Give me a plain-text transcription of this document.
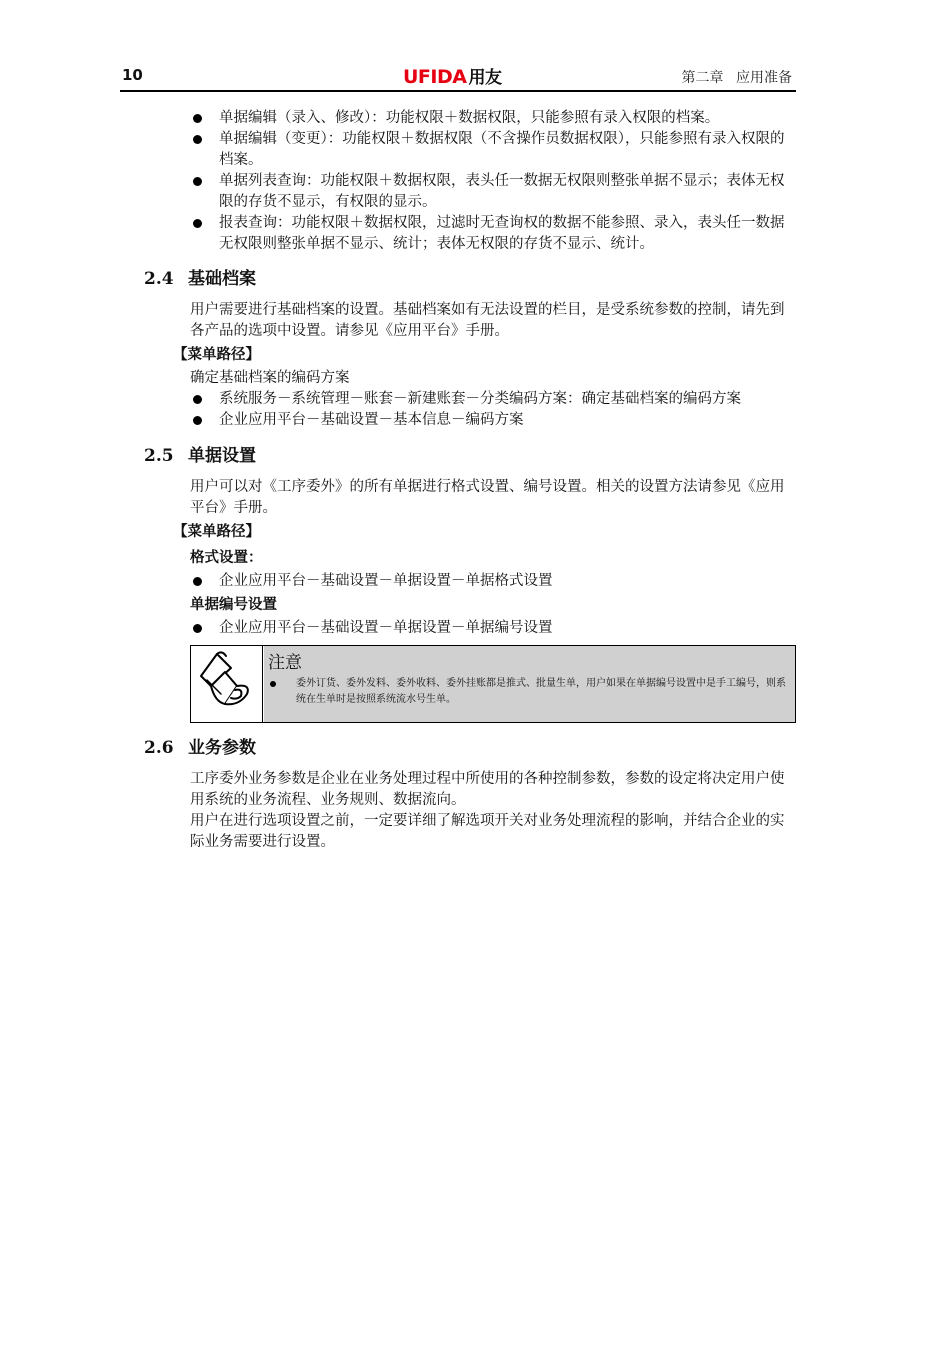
10	UFIDA 用友	第二章 应用准备
单据编辑（录入、修改）：功能权限＋数据权限，只能参照有录入权限的档案。
单据编辑（变更）：功能权限＋数据权限（不含操作员数据权限），只能参照有录入权限的档案。
单据列表查询：功能权限＋数据权限，表头任一数据无权限则整张单据不显示；表体无权限的存货不显示，有权限的显示。
报表查询：功能权限＋数据权限，过滤时无查询权的数据不能参照、录入，表头任一数据无权限则整张单据不显示、统计；表体无权限的存货不显示、统计。
2.4 基础档案
用户需要进行基础档案的设置。基础档案如有无法设置的栏目，是受系统参数的控制，请先到各产品的选项中设置。请参见《应用平台》手册。
【菜单路径】
确定基础档案的编码方案
系统服务－系统管理－账套－新建账套－分类编码方案：确定基础档案的编码方案
企业应用平台－基础设置－基本信息－编码方案
2.5 单据设置
用户可以对《工序委外》的所有单据进行格式设置、编号设置。相关的设置方法请参见《应用平台》手册。
【菜单路径】
格式设置：
企业应用平台－基础设置－单据设置－单据格式设置
单据编号设置
企业应用平台－基础设置－单据设置－单据编号设置
注意
委外订货、委外发料、委外收料、委外挂账都是推式、批量生单，用户如果在单据编号设置中是手工编号，则系统在生单时是按照系统流水号生单。
2.6 业务参数
工序委外业务参数是企业在业务处理过程中所使用的各种控制参数，参数的设定将决定用户使用系统的业务流程、业务规则、数据流向。
用户在进行选项设置之前，一定要详细了解选项开关对业务处理流程的影响，并结合企业的实际业务需要进行设置。
